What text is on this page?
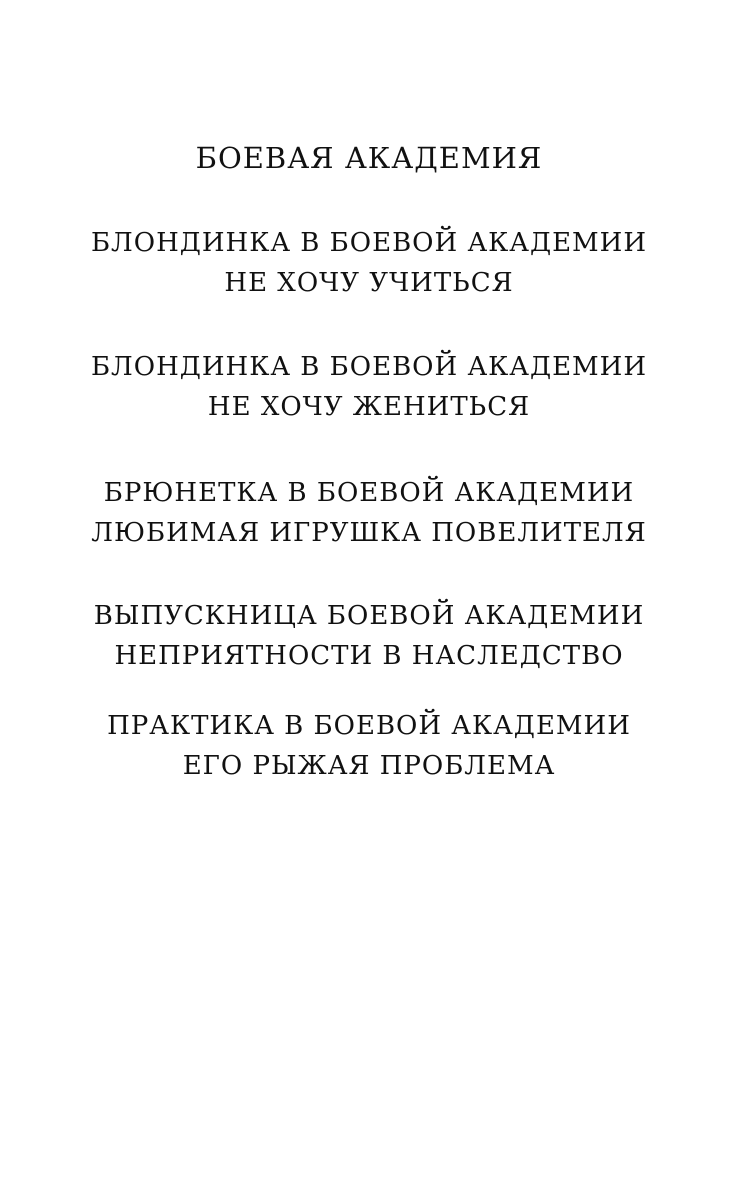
БОЕВАЯ АКАДЕМИЯ
БЛОНДИНКА В БОЕВОЙ АКАДЕМИИ
НЕ ХОЧУ УЧИТЬСЯ
БЛОНДИНКА В БОЕВОЙ АКАДЕМИИ
НЕ ХОЧУ ЖЕНИТЬСЯ
БРЮНЕТКА В БОЕВОЙ АКАДЕМИИ
ЛЮБИМАЯ ИГРУШКА ПОВЕЛИТЕЛЯ
ВЫПУСКНИЦА БОЕВОЙ АКАДЕМИИ
НЕПРИЯТНОСТИ В НАСЛЕДСТВО
ПРАКТИКА В БОЕВОЙ АКАДЕМИИ
ЕГО РЫЖАЯ ПРОБЛЕМА
